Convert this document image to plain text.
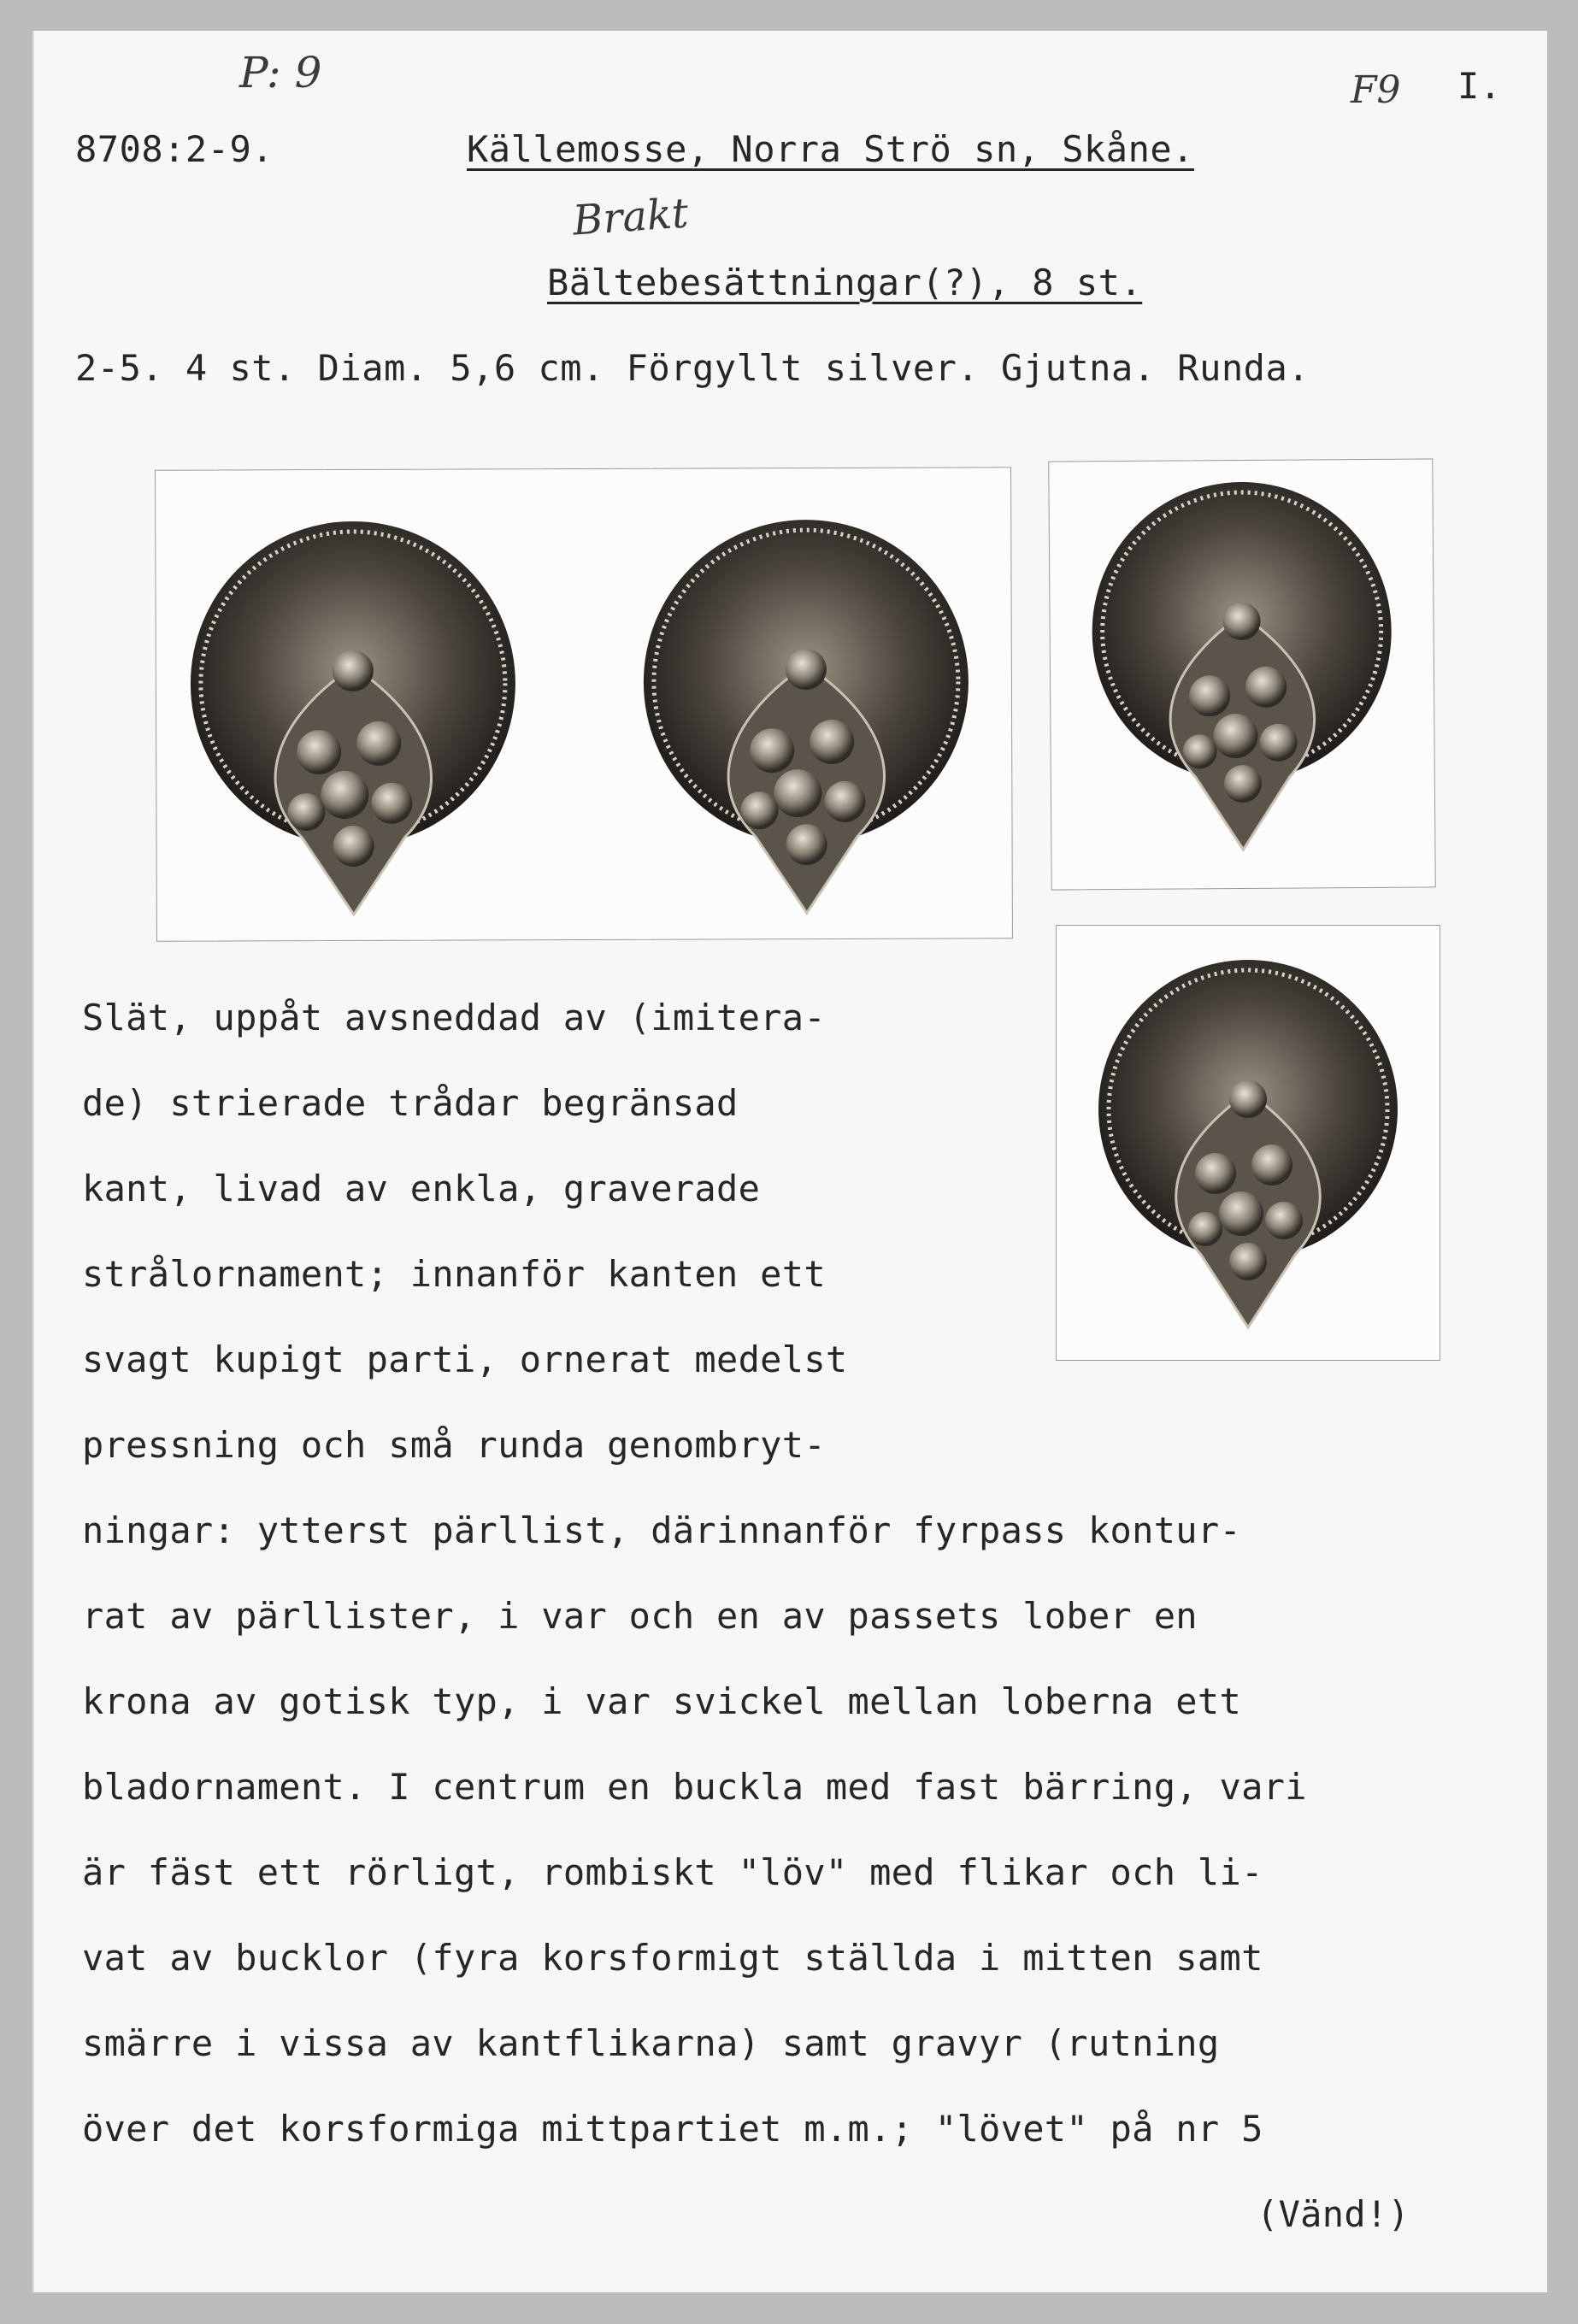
P: 9	F9 I.
8708:2-9.	Källemosse, Norra Strö sn, Skåne.
Brakt
Bältebesättningar(?), 8 st.
2-5. 4 st. Diam. 5,6 cm. Förgyllt silver. Gjutna. Runda.
Slät, uppåt avsneddad av (imitera-
de) strierade trådar begränsad
kant, livad av enkla, graverade
strålornament; innanför kanten ett
svagt kupigt parti, ornerat medelst
pressning och små runda genombryt-
ningar: ytterst pärllist, därinnanför fyrpass kontur-
rat av pärllister, i var och en av passets lober en
krona av gotisk typ, i var svickel mellan loberna ett
bladornament. I centrum en buckla med fast bärring, vari
är fäst ett rörligt, rombiskt "löv" med flikar och li-
vat av bucklor (fyra korsformigt ställda i mitten samt
smärre i vissa av kantflikarna) samt gravyr (rutning
över det korsformiga mittpartiet m.m.; "lövet" på nr 5
(Vänd!)
